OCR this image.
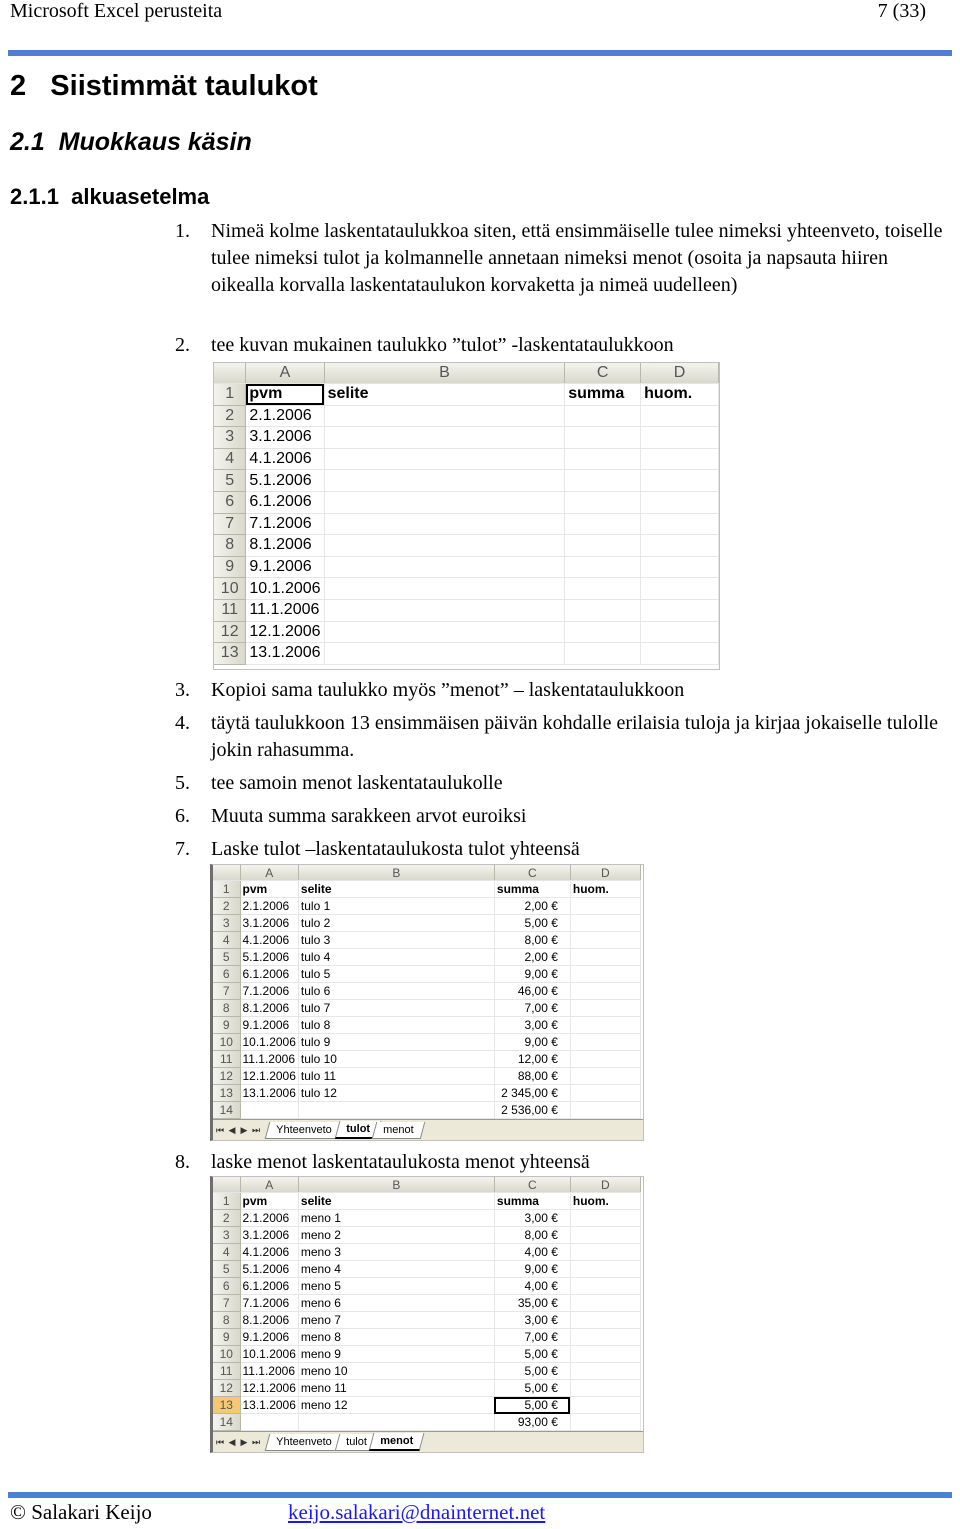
Microsoft Excel perusteita	7 (33)
2   Siistimmät taulukot
2.1  Muokkaus käsin
2.1.1  alkuasetelma
1. Nimeä kolme laskentataulukkoa siten, että ensimmäiselle tulee nimeksi yhteenveto, toiselle tulee nimeksi tulot ja kolmannelle annetaan nimeksi menot (osoita ja napsauta hiiren oikealla korvalla laskentataulukon korvaketta ja nimeä uudelleen)
2. tee kuvan mukainen taulukko ”tulot” -laskentataulukkoon
	A	B	C	D
1	pvm	selite	summa	huom.
2	2.1.2006			
3	3.1.2006			
4	4.1.2006			
5	5.1.2006			
6	6.1.2006			
7	7.1.2006			
8	8.1.2006			
9	9.1.2006			
10	10.1.2006			
11	11.1.2006			
12	12.1.2006			
13	13.1.2006			
3. Kopioi sama taulukko myös ”menot” – laskentataulukkoon
4. täytä taulukkoon 13 ensimmäisen päivän kohdalle erilaisia tuloja ja kirjaa jokaiselle tulolle jokin rahasumma.
5. tee samoin menot laskentataulukolle
6. Muuta summa sarakkeen arvot euroiksi
7. Laske tulot –laskentataulukosta tulot yhteensä
	A	B	C	D
1	pvm	selite	summa	huom.
2	2.1.2006	tulo 1	2,00 €	
3	3.1.2006	tulo 2	5,00 €	
4	4.1.2006	tulo 3	8,00 €	
5	5.1.2006	tulo 4	2,00 €	
6	6.1.2006	tulo 5	9,00 €	
7	7.1.2006	tulo 6	46,00 €	
8	8.1.2006	tulo 7	7,00 €	
9	9.1.2006	tulo 8	3,00 €	
10	10.1.2006	tulo 9	9,00 €	
11	11.1.2006	tulo 10	12,00 €	
12	12.1.2006	tulo 11	88,00 €	
13	13.1.2006	tulo 12	2 345,00 €	
14			2 536,00 €	
⏮ ◀ ▶ ⏭	Yhteenveto	tulot	menot
8. laske menot laskentataulukosta menot yhteensä
	A	B	C	D
1	pvm	selite	summa	huom.
2	2.1.2006	meno 1	3,00 €	
3	3.1.2006	meno 2	8,00 €	
4	4.1.2006	meno 3	4,00 €	
5	5.1.2006	meno 4	9,00 €	
6	6.1.2006	meno 5	4,00 €	
7	7.1.2006	meno 6	35,00 €	
8	8.1.2006	meno 7	3,00 €	
9	9.1.2006	meno 8	7,00 €	
10	10.1.2006	meno 9	5,00 €	
11	11.1.2006	meno 10	5,00 €	
12	12.1.2006	meno 11	5,00 €	
13	13.1.2006	meno 12	5,00 €	
14			93,00 €	
⏮ ◀ ▶ ⏭	Yhteenveto	tulot	menot
© Salakari Keijo	keijo.salakari@dnainternet.net
